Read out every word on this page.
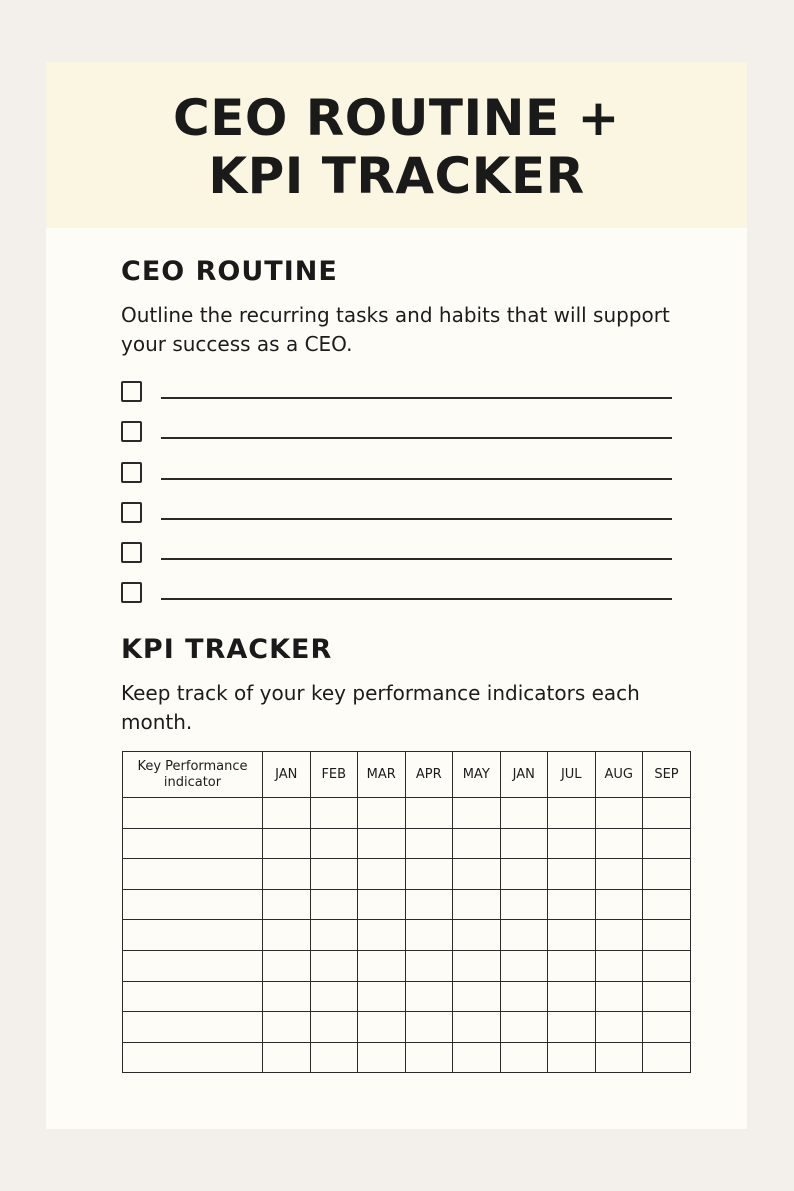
CEO ROUTINE +
KPI TRACKER
CEO ROUTINE
Outline the recurring tasks and habits that will support your success as a CEO.
KPI TRACKER
Keep track of your key performance indicators each month.
Key Performance indicator	JAN	FEB	MAR	APR	MAY	JAN	JUL	AUG	SEP
